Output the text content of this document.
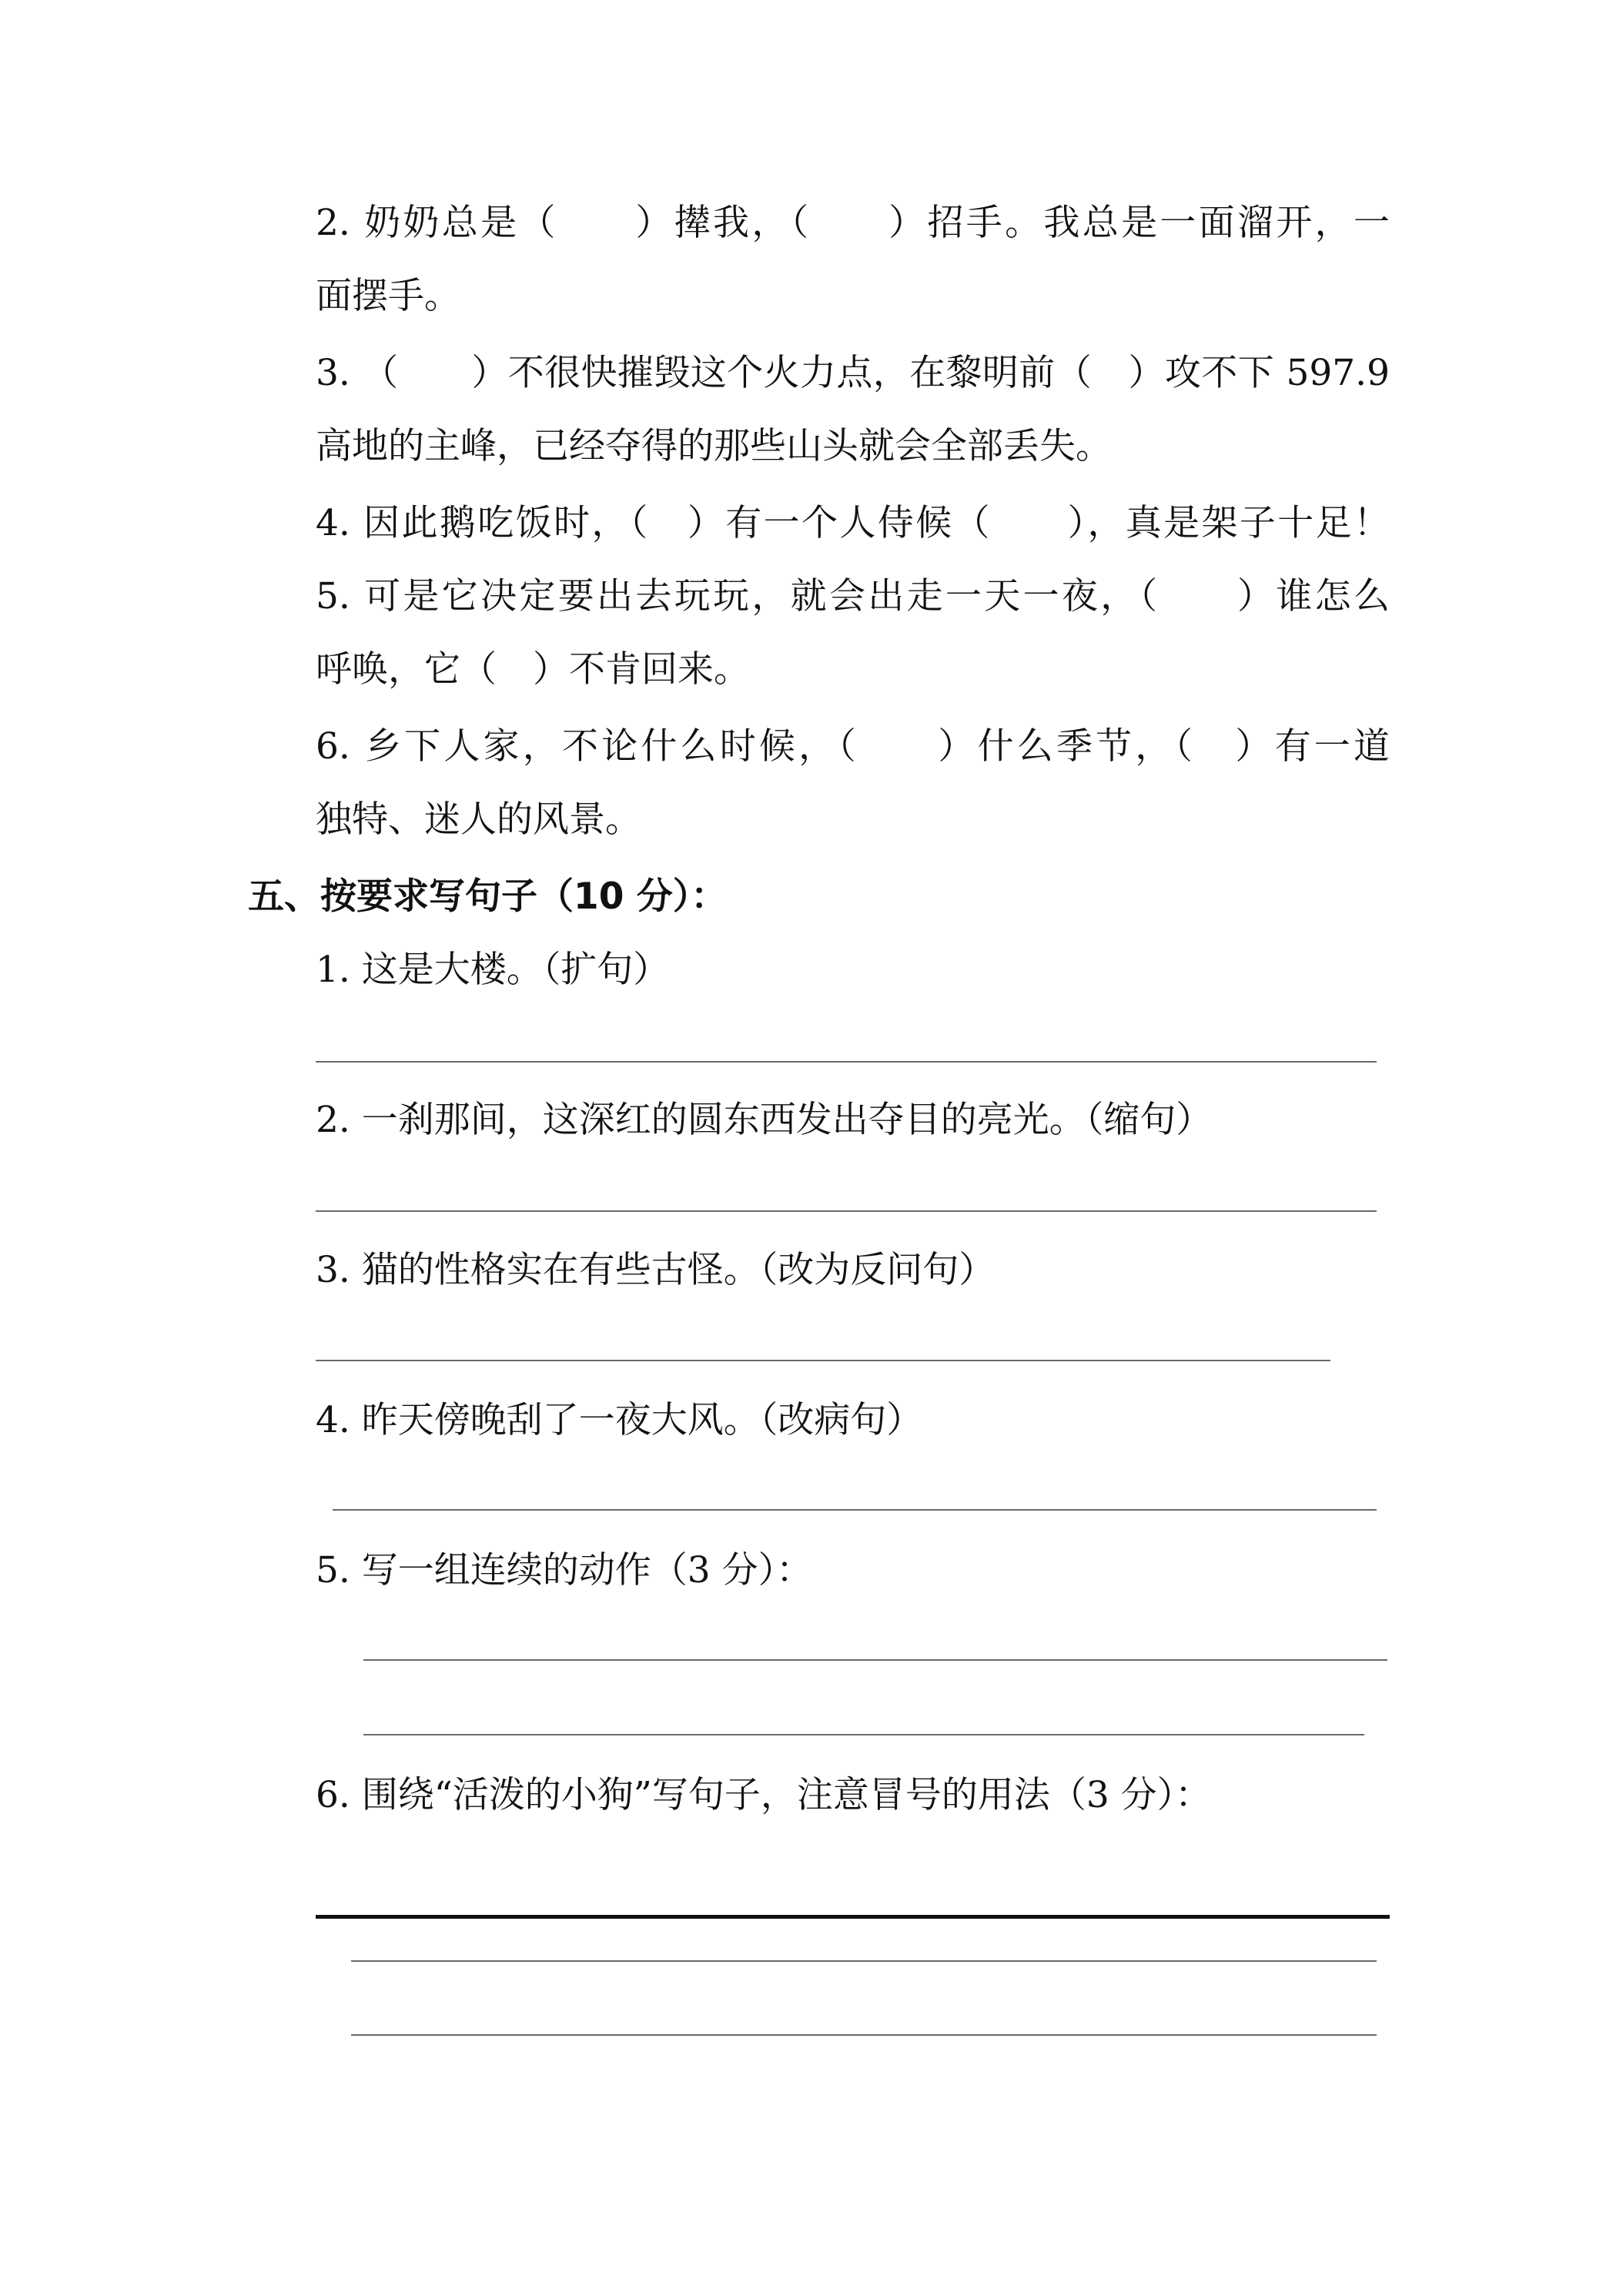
2. 奶奶总是（　　）撵我，（　　）招手。我总是一面溜开，一
面摆手。
3. （　　）不很快摧毁这个火力点，在黎明前（　）攻不下 597.9
高地的主峰，已经夺得的那些山头就会全部丢失。
4. 因此鹅吃饭时，（　）有一个人侍候（　　），真是架子十足！
5. 可是它决定要出去玩玩，就会出走一天一夜，（　　）谁怎么
呼唤，它（　）不肯回来。
6. 乡下人家，不论什么时候，（　　）什么季节，（　）有一道
独特、迷人的风景。
五、按要求写句子（10 分）：
1. 这是大楼。（扩句）
2. 一刹那间，这深红的圆东西发出夺目的亮光。（缩句）
3. 猫的性格实在有些古怪。（改为反问句）
4. 昨天傍晚刮了一夜大风。（改病句）
5. 写一组连续的动作（3 分）：
6. 围绕“活泼的小狗”写句子，注意冒号的用法（3 分）：
